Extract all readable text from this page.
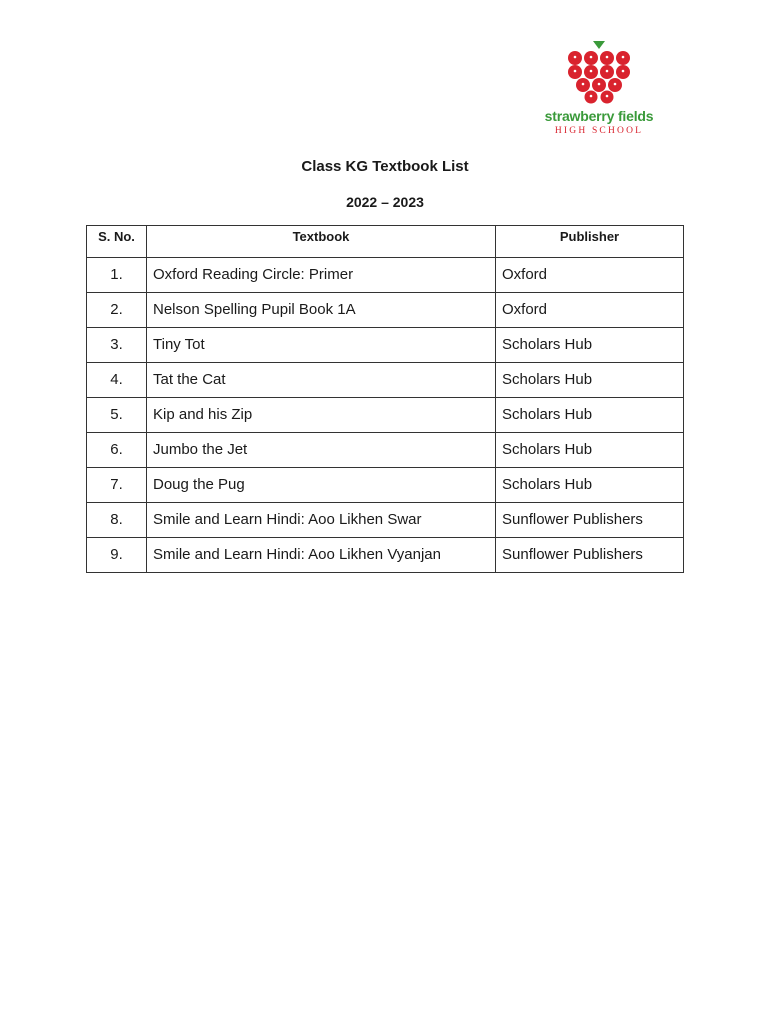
strawberry fields
HIGH SCHOOL
Class KG Textbook List
2022 – 2023
S. No.	Textbook	Publisher
1.	Oxford Reading Circle: Primer	Oxford
2.	Nelson Spelling Pupil Book 1A	Oxford
3.	Tiny Tot	Scholars Hub
4.	Tat the Cat	Scholars Hub
5.	Kip and his Zip	Scholars Hub
6.	Jumbo the Jet	Scholars Hub
7.	Doug the Pug	Scholars Hub
8.	Smile and Learn Hindi: Aoo Likhen Swar	Sunflower Publishers
9.	Smile and Learn Hindi: Aoo Likhen Vyanjan	Sunflower Publishers
